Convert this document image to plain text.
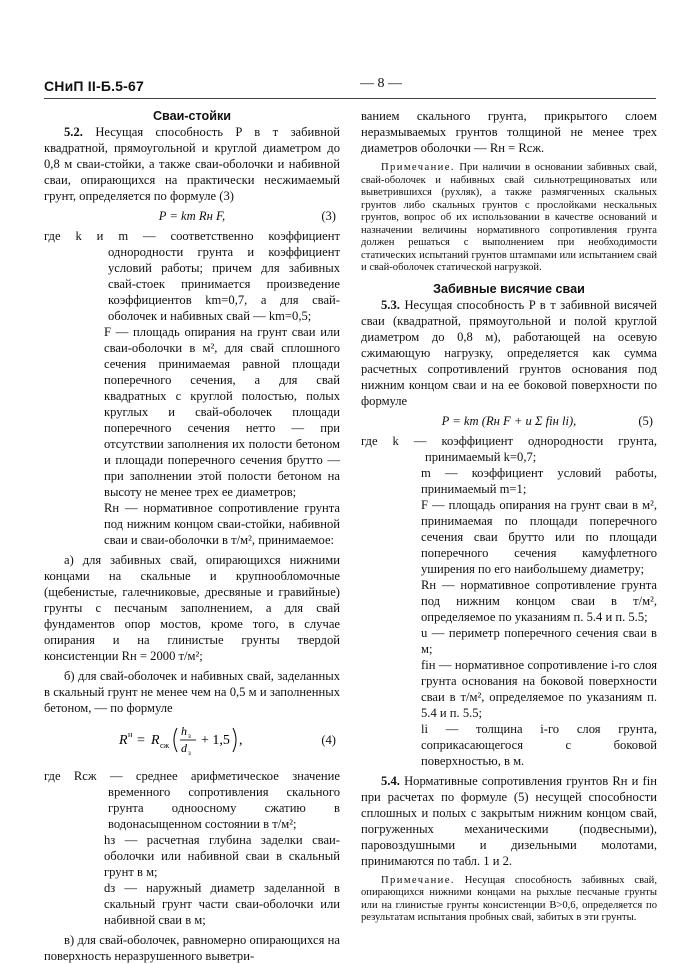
СНиП II-Б.5-67	— 8 —

Сваи-стойки

5.2. Несущая способность P в т забивной квадратной, прямоугольной и круглой диаметром до 0,8 м сваи-стойки, а также сваи-оболочки и набивной сваи, опирающихся на практически несжимаемый грунт, определяется по формуле (3)

P = km Rн F,	(3)

где k и m — соответственно коэффициент однородности грунта и коэффициент условий работы; причем для забивных свай-стоек принимается произведение коэффициентов km=0,7, а для свай-оболочек и набивных свай — km=0,5;

F — площадь опирания на грунт сваи или сваи-оболочки в м², для свай сплошного сечения принимаемая равной площади поперечного сечения, а для свай квадратных с круглой полостью, полых круглых и свай-оболочек площади поперечного сечения нетто — при отсутствии заполнения их полости бетоном и площади поперечного сечения брутто — при заполнении этой полости бетоном на высоту не менее трех ее диаметров;

Rн — нормативное сопротивление грунта под нижним концом сваи-стойки, набивной сваи и сваи-оболочки в т/м², принимаемое:

а) для забивных свай, опирающихся нижними концами на скальные и крупнообломочные (щебенистые, галечниковые, дресвяные и гравийные) грунты с песчаным заполнением, а для свай фундаментов опор мостов, кроме того, в случае опирания и на глинистые грунты твердой консистенции Rн = 2000 т/м²;

б) для свай-оболочек и набивных свай, заделанных в скальный грунт не менее чем на 0,5 м и заполненных бетоном, — по формуле

R н = R сж
h з
d з
+ 1,5 ,	(4)

где Rсж — среднее арифметическое значение временного сопротивления скального грунта одноосному сжатию в водонасыщенном состоянии в т/м²;

hз — расчетная глубина заделки сваи-оболочки или набивной сваи в скальный грунт в м;

dз — наружный диаметр заделанной в скальный грунт части сваи-оболочки или набивной сваи в м;

в) для свай-оболочек, равномерно опирающихся на поверхность неразрушенного выветри-

ванием скального грунта, прикрытого слоем неразмываемых грунтов толщиной не менее трех диаметров оболочки — Rн = Rсж.

Примечание. При наличии в основании забивных свай, свай-оболочек и набивных свай сильнотрещиноватых или выветрившихся (рухляк), а также размягченных скальных грунтов либо скальных грунтов с прослойками нескальных грунтов, вопрос об их использовании в качестве оснований и назначении величины нормативного сопротивления грунта должен решаться с выполнением при необходимости статических испытаний грунтов штампами или испытанием свай и свай-оболочек статической нагрузкой.

Забивные висячие сваи

5.3. Несущая способность P в т забивной висячей сваи (квадратной, прямоугольной и полой круглой диаметром до 0,8 м), работающей на осевую сжимающую нагрузку, определяется как сумма расчетных сопротивлений грунтов основания под нижним концом сваи и на ее боковой поверхности по формуле

P = km (Rн F + u Σ fiн li),	(5)

где k — коэффициент однородности грунта, принимаемый k=0,7;

m — коэффициент условий работы, принимаемый m=1;

F — площадь опирания на грунт сваи в м², принимаемая по площади поперечного сечения сваи брутто или по площади поперечного сечения камуфлетного уширения по его наибольшему диаметру;

Rн — нормативное сопротивление грунта под нижним концом сваи в т/м², определяемое по указаниям п. 5.4 и п. 5.5;

u — периметр поперечного сечения сваи в м;

fiн — нормативное сопротивление i-го слоя грунта основания на боковой поверхности сваи в т/м², определяемое по указаниям п. 5.4 и п. 5.5;

li — толщина i-го слоя грунта, соприкасающегося с боковой поверхностью, в м.

5.4. Нормативные сопротивления грунтов Rн и fiн при расчетах по формуле (5) несущей способности сплошных и полых с закрытым нижним концом свай, погруженных механическими (подвесными), паровоздушными и дизельными молотами, принимаются по табл. 1 и 2.

Примечание. Несущая способность забивных свай, опирающихся нижними концами на рыхлые песчаные грунты или на глинистые грунты консистенции B>0,6, определяется по результатам испытания пробных свай, забитых в эти грунты.
